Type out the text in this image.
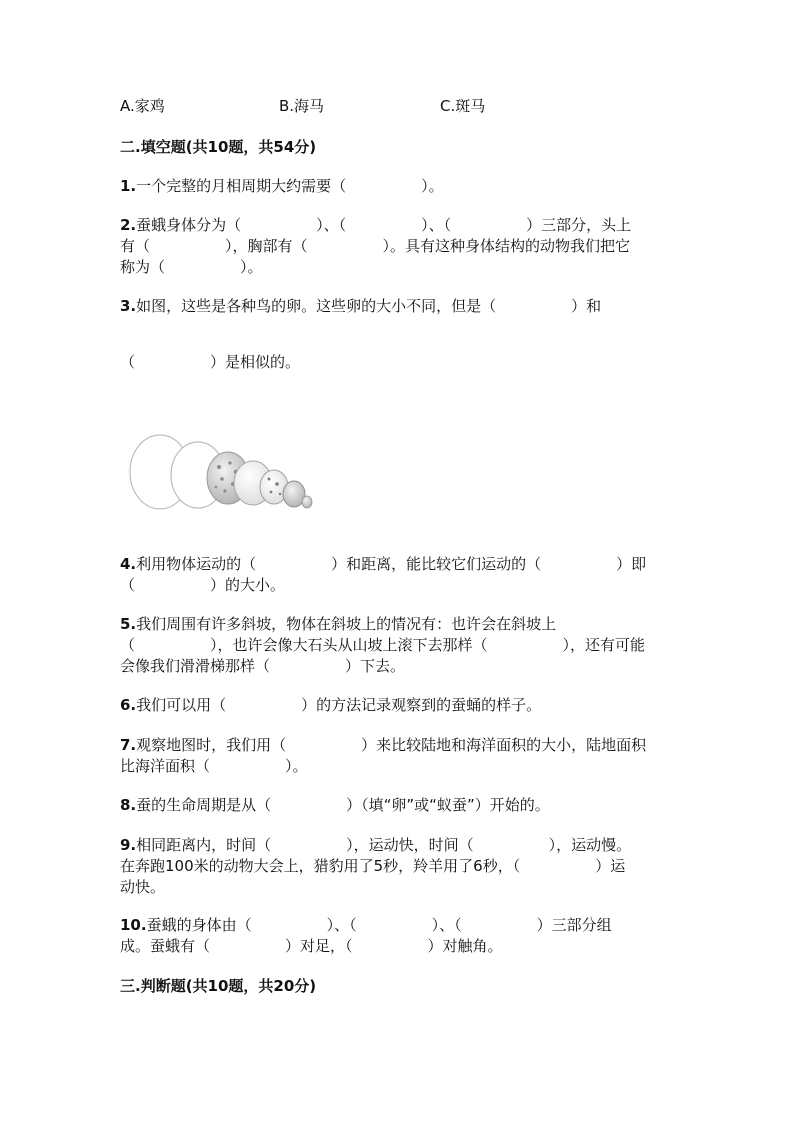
A.家鸡	B.海马	C.斑马
二.填空题(共10题，共54分)
1.一个完整的月相周期大约需要（　　　　　）。
2.蚕蛾身体分为（　　　　　）、（　　　　　）、（　　　　　）三部分，头上
有（　　　　　），胸部有（　　　　　）。具有这种身体结构的动物我们把它
称为（　　　　　）。
3.如图，这些是各种鸟的卵。这些卵的大小不同，但是（　　　　　）和
（　　　　　）是相似的。
4.利用物体运动的（　　　　　）和距离，能比较它们运动的（　　　　　）即
（　　　　　）的大小。
5.我们周围有许多斜坡，物体在斜坡上的情况有：也许会在斜坡上
（　　　　　），也许会像大石头从山坡上滚下去那样（　　　　　），还有可能
会像我们滑滑梯那样（　　　　　）下去。
6.我们可以用（　　　　　）的方法记录观察到的蚕蛹的样子。
7.观察地图时，我们用（　　　　　）来比较陆地和海洋面积的大小，陆地面积
比海洋面积（　　　　　）。
8.蚕的生命周期是从（　　　　　）（填“卵”或“蚁蚕”）开始的。
9.相同距离内，时间（　　　　　），运动快，时间（　　　　　），运动慢。
在奔跑100米的动物大会上，猎豹用了5秒，羚羊用了6秒，（　　　　　）运
动快。
10.蚕蛾的身体由（　　　　　）、（　　　　　）、（　　　　　）三部分组
成。蚕蛾有（　　　　　）对足，（　　　　　）对触角。
三.判断题(共10题，共20分)
